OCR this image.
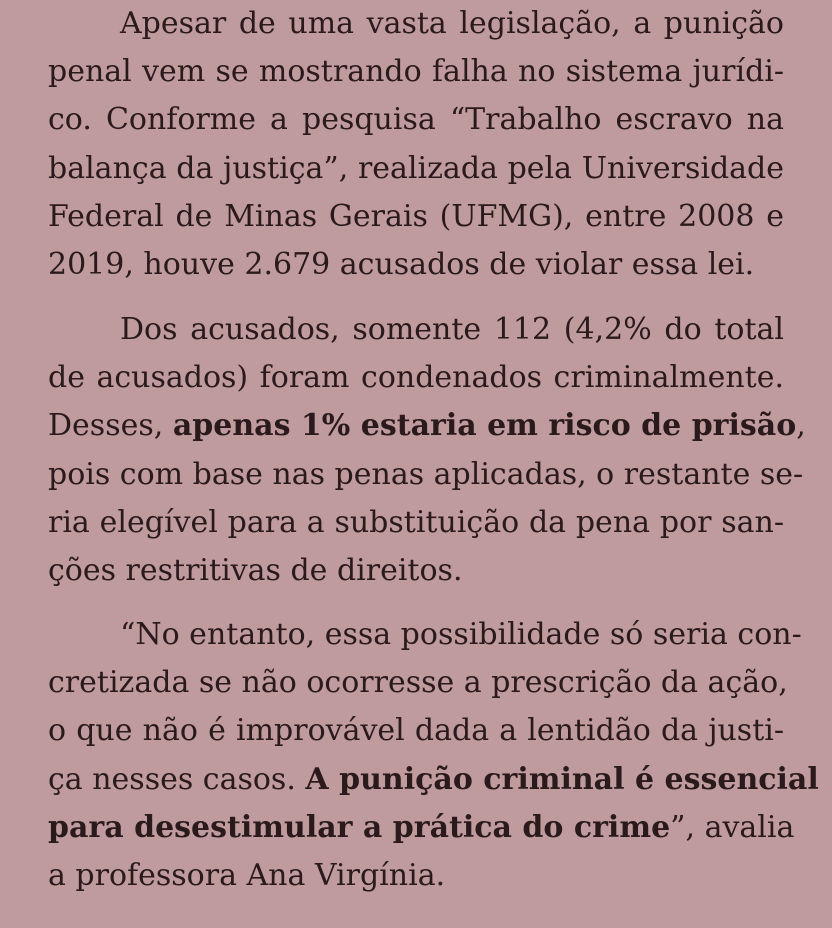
Apesar de uma vasta legislação, a punição
penal vem se mostrando falha no sistema jurídi-
co. Conforme a pesquisa “Trabalho escravo na
balança da justiça”, realizada pela Universidade
Federal de Minas Gerais (UFMG), entre 2008 e
2019, houve 2.679 acusados de violar essa lei.
Dos acusados, somente 112 (4,2% do total
de acusados) foram condenados criminalmente.
Desses, apenas 1% estaria em risco de prisão,
pois com base nas penas aplicadas, o restante se-
ria elegível para a substituição da pena por san-
ções restritivas de direitos.
“No entanto, essa possibilidade só seria con-
cretizada se não ocorresse a prescrição da ação,
o que não é improvável dada a lentidão da justi-
ça nesses casos. A punição criminal é essencial
para desestimular a prática do crime”, avalia
a professora Ana Virgínia.
